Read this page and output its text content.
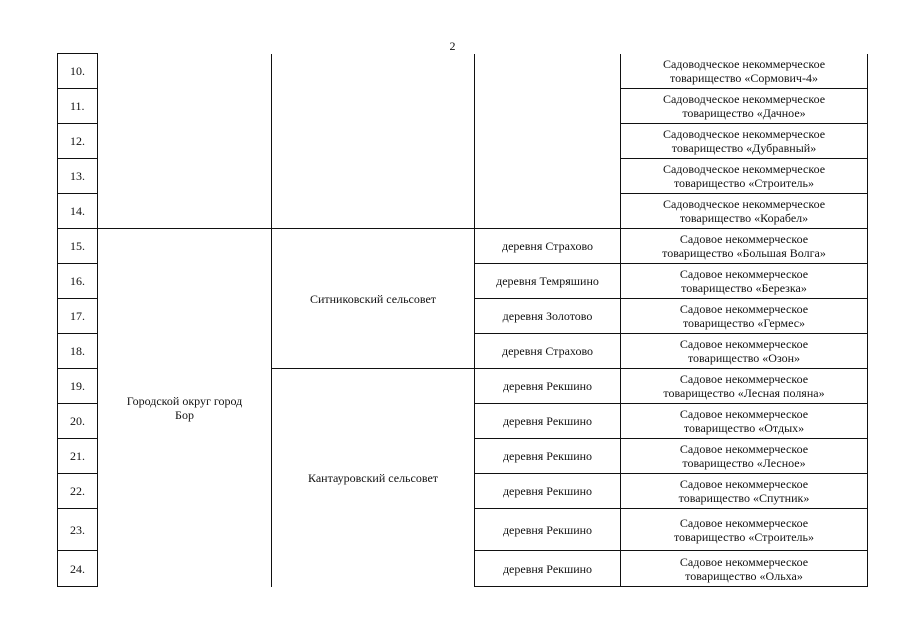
2
10.				Садоводческое некоммерческое
товарищество «Сормович-4»

11.				Садоводческое некоммерческое
товарищество «Дачное»

12.				Садоводческое некоммерческое
товарищество «Дубравный»

13.				Садоводческое некоммерческое
товарищество «Строитель»

14.				Садоводческое некоммерческое
товарищество «Корабел»

15.	Городской округ город
Бор	Ситниковский сельсовет	деревня Страхово	Садовое некоммерческое
товарищество «Большая Волга»

16.			деревня Темряшино	Садовое некоммерческое
товарищество «Березка»

17.			деревня Золотово	Садовое некоммерческое
товарищество «Гермес»

18.			деревня Страхово	Садовое некоммерческое
товарищество «Озон»

19.		Кантауровский сельсовет	деревня Рекшино	Садовое некоммерческое
товарищество «Лесная поляна»

20.			деревня Рекшино	Садовое некоммерческое
товарищество «Отдых»

21.			деревня Рекшино	Садовое некоммерческое
товарищество «Лесное»

22.			деревня Рекшино	Садовое некоммерческое
товарищество «Спутник»

23.			деревня Рекшино	Садовое некоммерческое
товарищество «Строитель»

24.			деревня Рекшино	Садовое некоммерческое
товарищество «Ольха»
